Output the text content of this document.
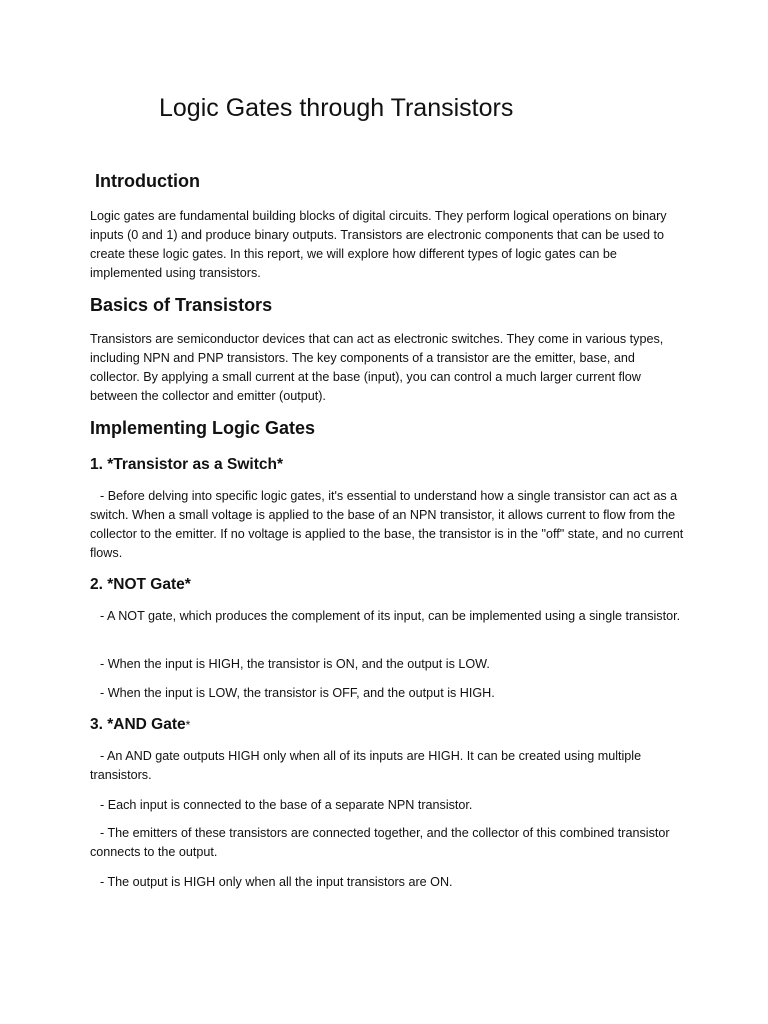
Logic Gates through Transistors
Introduction

Logic gates are fundamental building blocks of digital circuits. They perform logical operations on binary inputs (0 and 1) and produce binary outputs. Transistors are electronic components that can be used to create these logic gates. In this report, we will explore how different types of logic gates can be implemented using transistors.

Basics of Transistors

Transistors are semiconductor devices that can act as electronic switches. They come in various types, including NPN and PNP transistors. The key components of a transistor are the emitter, base, and collector. By applying a small current at the base (input), you can control a much larger current flow between the collector and emitter (output).

Implementing Logic Gates
1. *Transistor as a Switch*

- Before delving into specific logic gates, it's essential to understand how a single transistor can act as a switch. When a small voltage is applied to the base of an NPN transistor, it allows current to flow from the collector to the emitter. If no voltage is applied to the base, the transistor is in the "off" state, and no current flows.

2. *NOT Gate*

- A NOT gate, which produces the complement of its input, can be implemented using a single transistor.

- When the input is HIGH, the transistor is ON, and the output is LOW.

- When the input is LOW, the transistor is OFF, and the output is HIGH.

3. *AND Gate*

- An AND gate outputs HIGH only when all of its inputs are HIGH. It can be created using multiple transistors.

- Each input is connected to the base of a separate NPN transistor.

- The emitters of these transistors are connected together, and the collector of this combined transistor connects to the output.

- The output is HIGH only when all the input transistors are ON.
